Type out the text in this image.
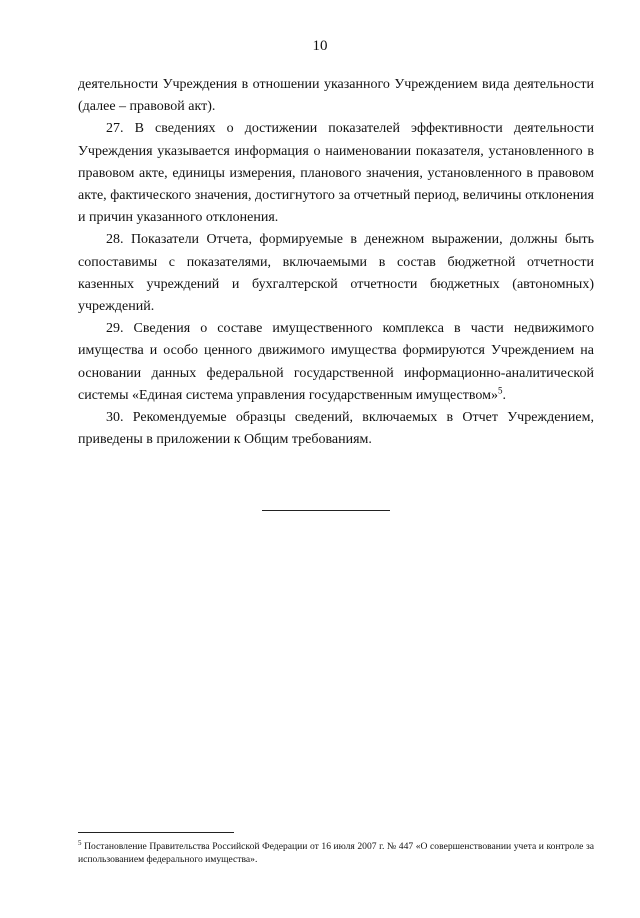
10

деятельности Учреждения в отношении указанного Учреждением вида деятельности (далее – правовой акт).

27. В сведениях о достижении показателей эффективности деятельности Учреждения указывается информация о наименовании показателя, установленного в правовом акте, единицы измерения, планового значения, установленного в правовом акте, фактического значения, достигнутого за отчетный период, величины отклонения и причин указанного отклонения.

28. Показатели Отчета, формируемые в денежном выражении, должны быть сопоставимы с показателями, включаемыми в состав бюджетной отчетности казенных учреждений и бухгалтерской отчетности бюджетных (автономных) учреждений.

29. Сведения о составе имущественного комплекса в части недвижимого имущества и особо ценного движимого имущества формируются Учреждением на основании данных федеральной государственной информационно-аналитической системы «Единая система управления государственным имуществом»$^5$.

30. Рекомендуемые образцы сведений, включаемых в Отчет Учреждением, приведены в приложении к Общим требованиям.

$^5$ Постановление Правительства Российской Федерации от 16 июля 2007 г. № 447 «О совершенствовании учета и контроле за использованием федерального имущества».
